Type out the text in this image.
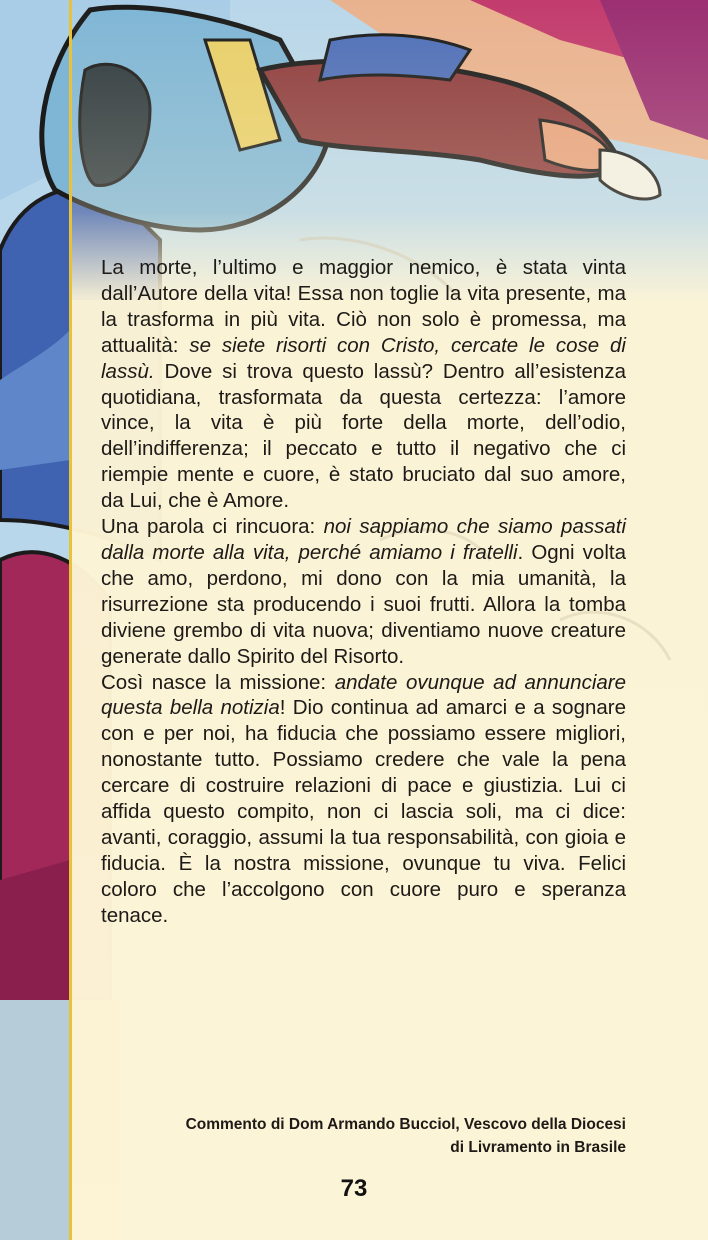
La morte, l’ultimo e maggior nemico, è stata vinta dall’Autore della vita! Essa non toglie la vita presente, ma la trasforma in più vita. Ciò non solo è promessa, ma attualità: se siete risorti con Cristo, cercate le cose di lassù. Dove si trova questo lassù? Dentro all’esistenza quotidiana, trasformata da questa certezza: l’amore vince, la vita è più forte della morte, dell’odio, dell’indifferenza; il peccato e tutto il negativo che ci riempie mente e cuore, è stato bruciato dal suo amore, da Lui, che è Amore.

Una parola ci rincuora: noi sappiamo che siamo passati dalla morte alla vita, perché amiamo i fratelli. Ogni volta che amo, perdono, mi dono con la mia umanità, la risurrezione sta producendo i suoi frutti. Allora la tomba diviene grembo di vita nuova; diventiamo nuove creature generate dallo Spirito del Risorto.

Così nasce la missione: andate ovunque ad annunciare questa bella notizia! Dio continua ad amarci e a sognare con e per noi, ha fiducia che possiamo essere migliori, nonostante tutto. Possiamo credere che vale la pena cercare di costruire relazioni di pace e giustizia. Lui ci affida questo compito, non ci lascia soli, ma ci dice: avanti, coraggio, assumi la tua responsabilità, con gioia e fiducia. È la nostra missione, ovunque tu viva. Felici coloro che l’accolgono con cuore puro e speranza tenace.

Commento di Dom Armando Bucciol, Vescovo della Diocesi
di Livramento in Brasile
73
